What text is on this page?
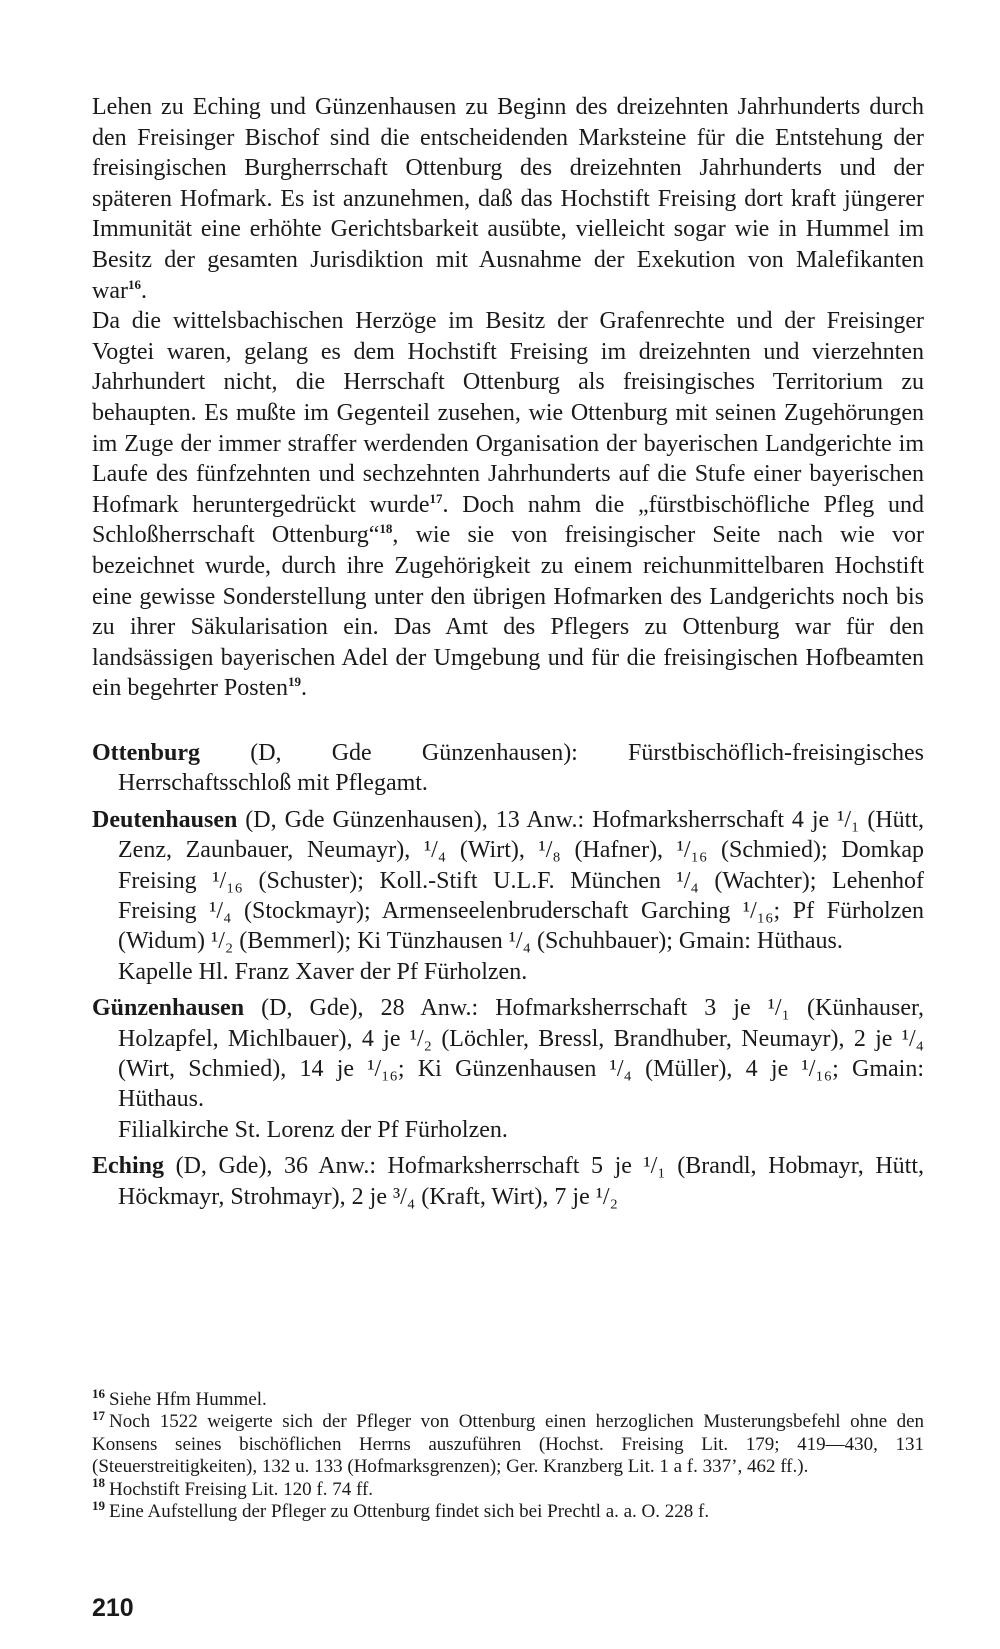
Lehen zu Eching und Günzenhausen zu Beginn des dreizehnten Jahrhunderts durch den Freisinger Bischof sind die entscheidenden Marksteine für die Entstehung der freisingischen Burgherrschaft Ottenburg des dreizehnten Jahrhunderts und der späteren Hofmark. Es ist anzunehmen, daß das Hochstift Freising dort kraft jüngerer Immunität eine erhöhte Gerichtsbarkeit ausübte, vielleicht sogar wie in Hummel im Besitz der gesamten Jurisdiktion mit Ausnahme der Exekution von Malefikanten war$^{16}$.

Da die wittelsbachischen Herzöge im Besitz der Grafenrechte und der Freisinger Vogtei waren, gelang es dem Hochstift Freising im dreizehnten und vierzehnten Jahrhundert nicht, die Herrschaft Ottenburg als freisingisches Territorium zu behaupten. Es mußte im Gegenteil zusehen, wie Ottenburg mit seinen Zugehörungen im Zuge der immer straffer werdenden Organisation der bayerischen Landgerichte im Laufe des fünfzehnten und sechzehnten Jahrhunderts auf die Stufe einer bayerischen Hofmark heruntergedrückt wurde$^{17}$. Doch nahm die „fürstbischöfliche Pfleg und Schloßherrschaft Ottenburg“$^{18}$, wie sie von freisingischer Seite nach wie vor bezeichnet wurde, durch ihre Zugehörigkeit zu einem reichunmittelbaren Hochstift eine gewisse Sonderstellung unter den übrigen Hofmarken des Landgerichts noch bis zu ihrer Säkularisation ein. Das Amt des Pflegers zu Ottenburg war für den landsässigen bayerischen Adel der Umgebung und für die freisingischen Hofbeamten ein begehrter Posten$^{19}$.

Ottenburg (D, Gde Günzenhausen): Fürstbischöflich-freisingisches Herrschaftsschloß mit Pflegamt.

Deutenhausen (D, Gde Günzenhausen), 13 Anw.: Hofmarksherrschaft 4 je ¹/₁ (Hütt, Zenz, Zaunbauer, Neumayr), ¹/₄ (Wirt), ¹/₈ (Hafner), ¹/₁₆ (Schmied); Domkap Freising ¹/₁₆ (Schuster); Koll.-Stift U.L.F. München ¹/₄ (Wachter); Lehenhof Freising ¹/₄ (Stockmayr); Armenseelenbruderschaft Garching ¹/₁₆; Pf Fürholzen (Widum) ¹/₂ (Bemmerl); Ki Tünzhausen ¹/₄ (Schuhbauer); Gmain: Hüthaus.
Kapelle Hl. Franz Xaver der Pf Fürholzen.

Günzenhausen (D, Gde), 28 Anw.: Hofmarksherrschaft 3 je ¹/₁ (Künhauser, Holzapfel, Michlbauer), 4 je ¹/₂ (Löchler, Bressl, Brandhuber, Neumayr), 2 je ¹/₄ (Wirt, Schmied), 14 je ¹/₁₆; Ki Günzenhausen ¹/₄ (Müller), 4 je ¹/₁₆; Gmain: Hüthaus.
Filialkirche St. Lorenz der Pf Fürholzen.

Eching (D, Gde), 36 Anw.: Hofmarksherrschaft 5 je ¹/₁ (Brandl, Hobmayr, Hütt, Höckmayr, Strohmayr), 2 je ³/₄ (Kraft, Wirt), 7 je ¹/₂

$^{16}$ Siehe Hfm Hummel.

$^{17}$ Noch 1522 weigerte sich der Pfleger von Ottenburg einen herzoglichen Musterungsbefehl ohne den Konsens seines bischöflichen Herrns auszuführen (Hochst. Freising Lit. 179; 419—430, 131 (Steuerstreitigkeiten), 132 u. 133 (Hofmarksgrenzen); Ger. Kranzberg Lit. 1 a f. 337’, 462 ff.).

$^{18}$ Hochstift Freising Lit. 120 f. 74 ff.

$^{19}$ Eine Aufstellung der Pfleger zu Ottenburg findet sich bei Prechtl a. a. O. 228 f.

210
